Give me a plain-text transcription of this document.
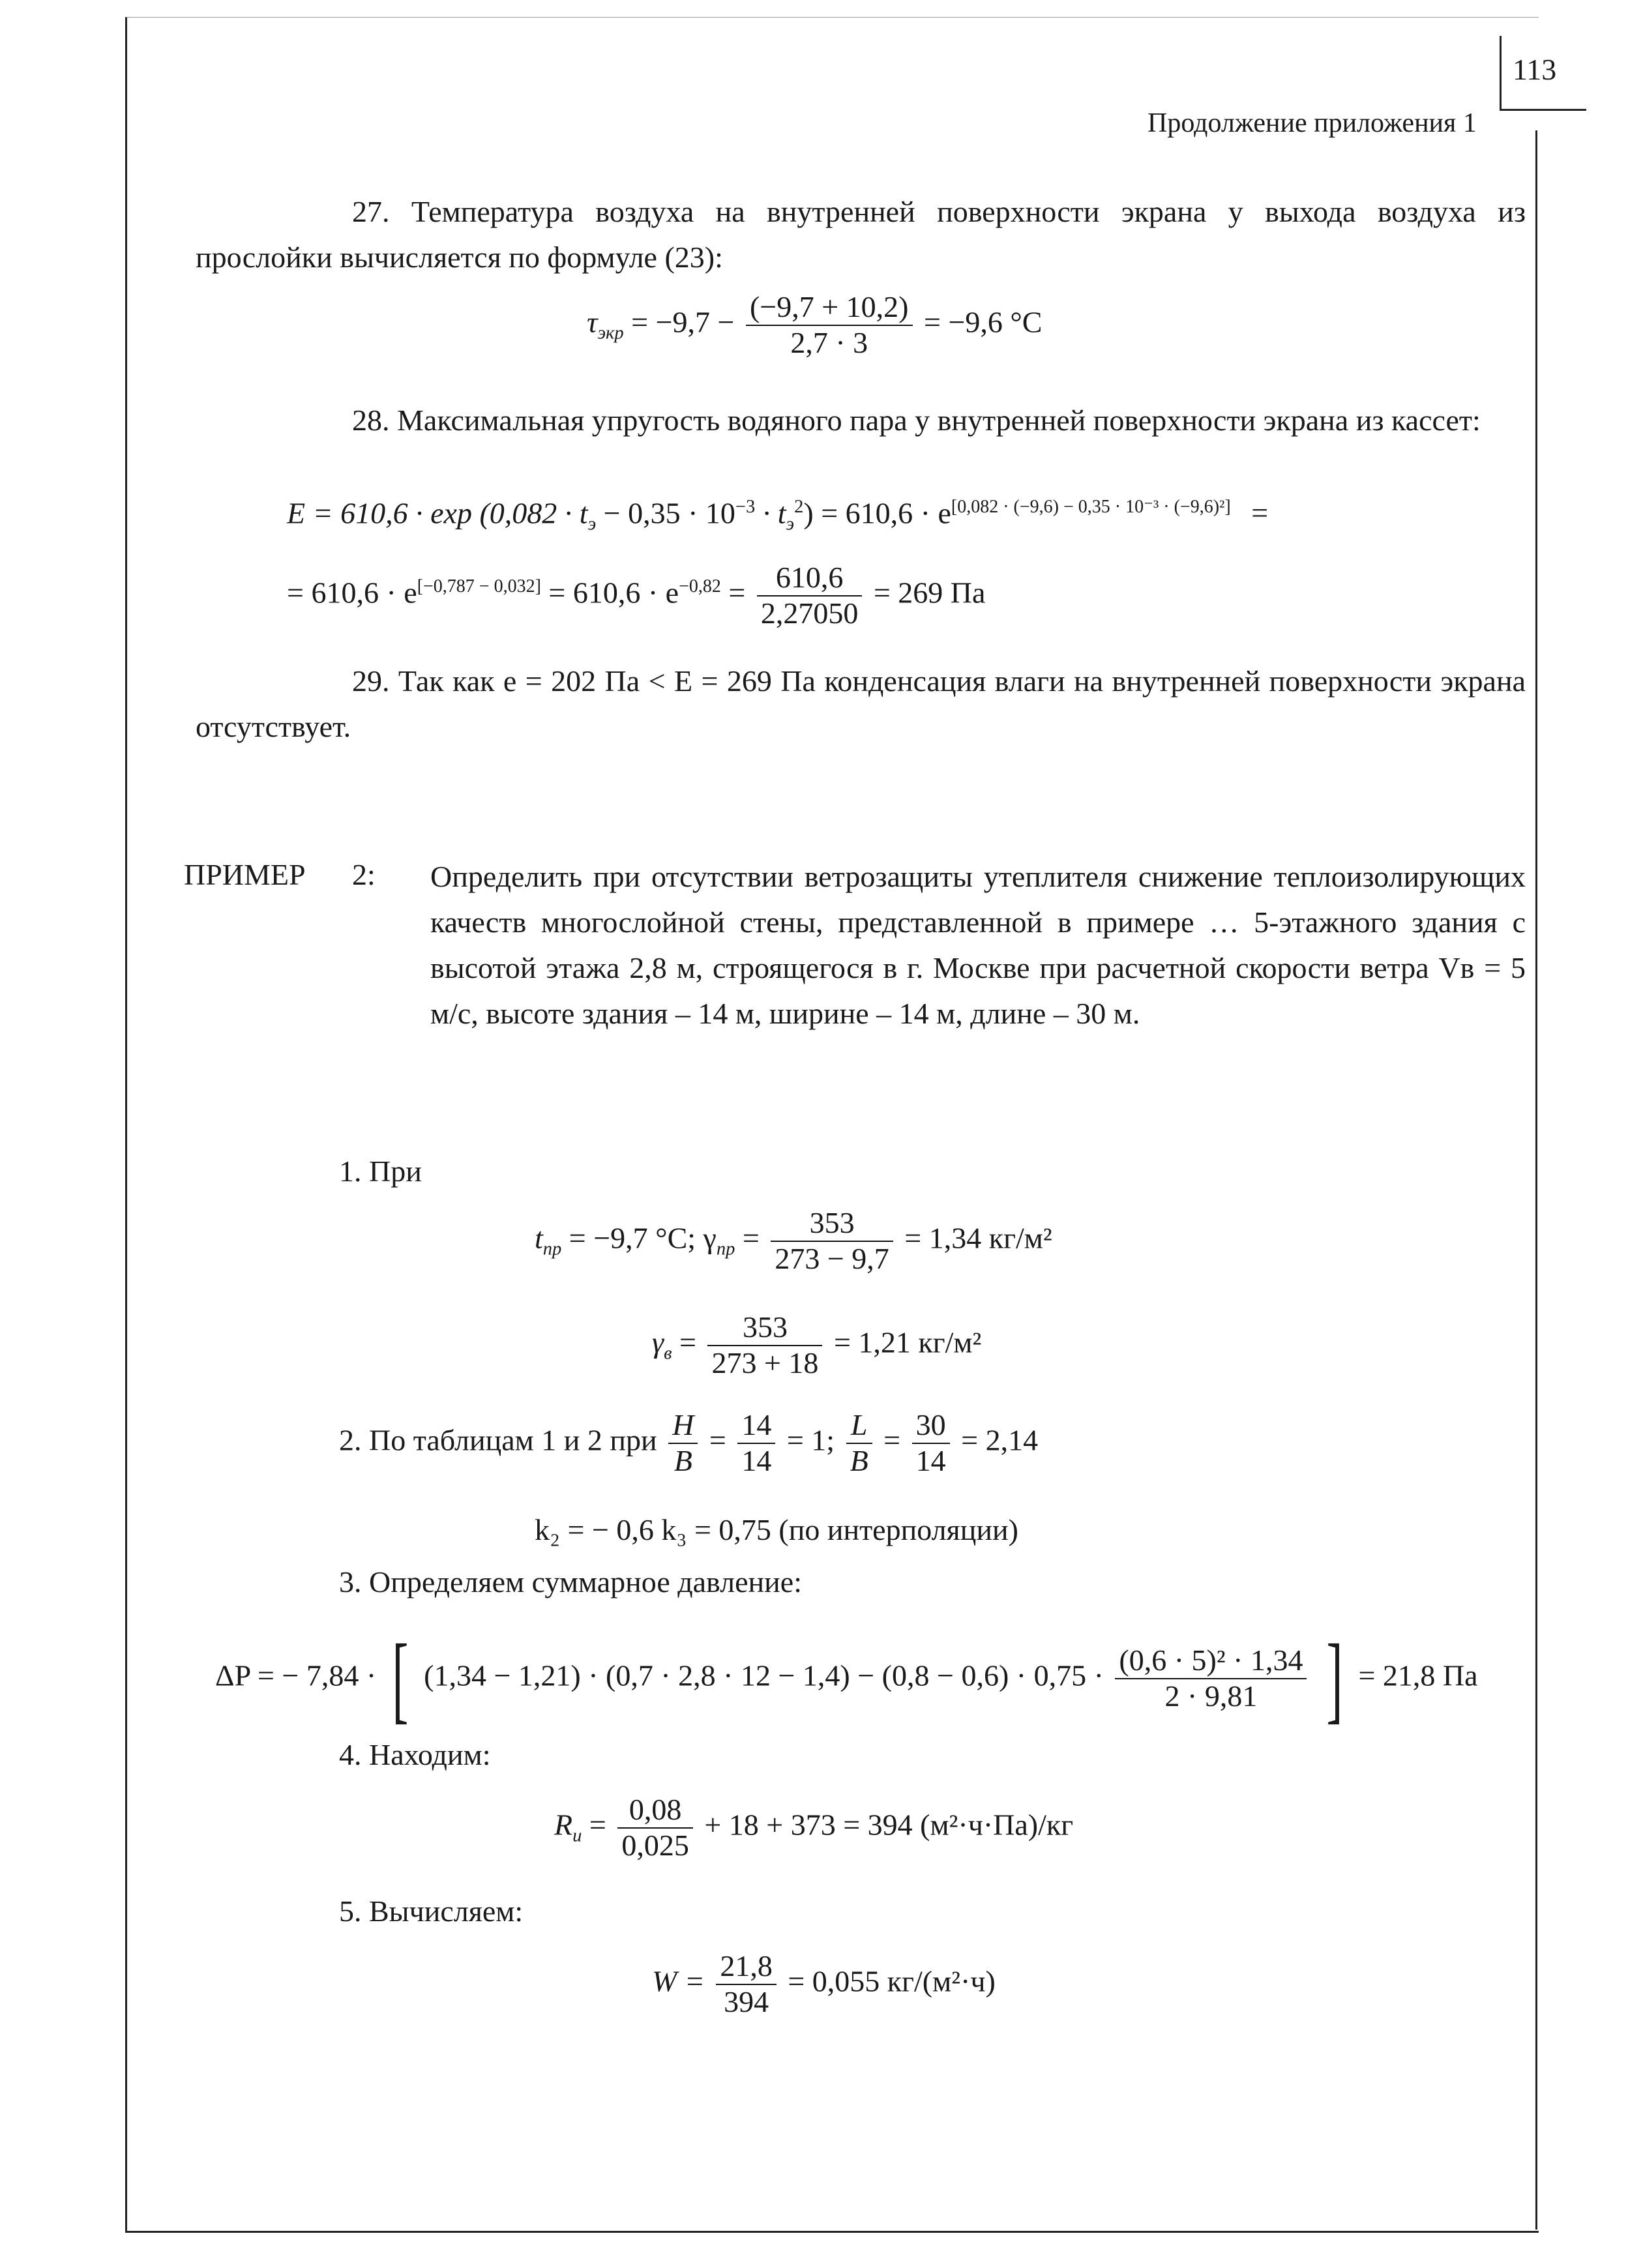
113
Продолжение приложения 1
27. Температура воздуха на внутренней поверхности экрана у выхода воздуха из прослойки вычисляется по формуле (23):
$\tau_{экр} = -9,7 - \frac{(-9,7 + 10,2)}{2,7 \cdot 3} = -9,6$ °С
28. Максимальная упругость водяного пара у внутренней поверхности экрана из кассет:
$E = 610,6 \cdot \exp (0,082 \cdot t_э - 0,35 \cdot 10^{-3} \cdot t_э^2) = 610,6 \cdot e[0,082 \cdot (-9,6) - 0,35 \cdot 10^{-3} \cdot (-9,6)^2]$ =
= $610,6 \cdot e[-0,787 - 0,032] = 610,6 \cdot e^{-0,82} = \frac{610,6}{2,27050} = 269$ Па
29. Так как е = 202 Па < Е = 269 Па конденсация влаги на внутренней поверхности экрана отсутствует.
ПРИМЕР 2: Определить при отсутствии ветрозащиты утеплителя снижение теплоизолирующих качеств многослойной стены, представленной в примере … 5-этажного здания с высотой этажа 2,8 м, строящегося в г. Москве при расчетной скорости ветра Vв = 5 м/с, высоте здания – 14 м, ширине – 14 м, длине – 30 м.
1. При
$t_{пр} = -9,7$ °С; $\gamma_{пр} = \frac{353}{273 - 9,7} = 1,34$ кг/м²
$\gamma_в = \frac{353}{273 + 18} = 1,21$ кг/м²
2. По таблицам 1 и 2 при $\frac{H}{B} = \frac{14}{14} = 1$; $\frac{L}{B} = \frac{30}{14} = 2,14$
k₂ = − 0,6 k₃ = 0,75 (по интерполяции)
3. Определяем суммарное давление:
ΔP = − 7,84 · [ $(1,34 - 1,21) \cdot (0,7 \cdot 2,8 \cdot 12 - 1,4) - (0,8 - 0,6) \cdot 0,75 \cdot \frac{\text{(0,6 · 5)² · 1,34}}{2 \cdot 9,81}$ ] = 21,8 Па
4. Находим:
$R_и = \frac{0,08}{0,025} + 18 + 373 = 394$ (м²·ч·Па)/кг
5. Вычисляем:
$W = \frac{21,8}{394} = 0,055$ кг/(м²·ч)
